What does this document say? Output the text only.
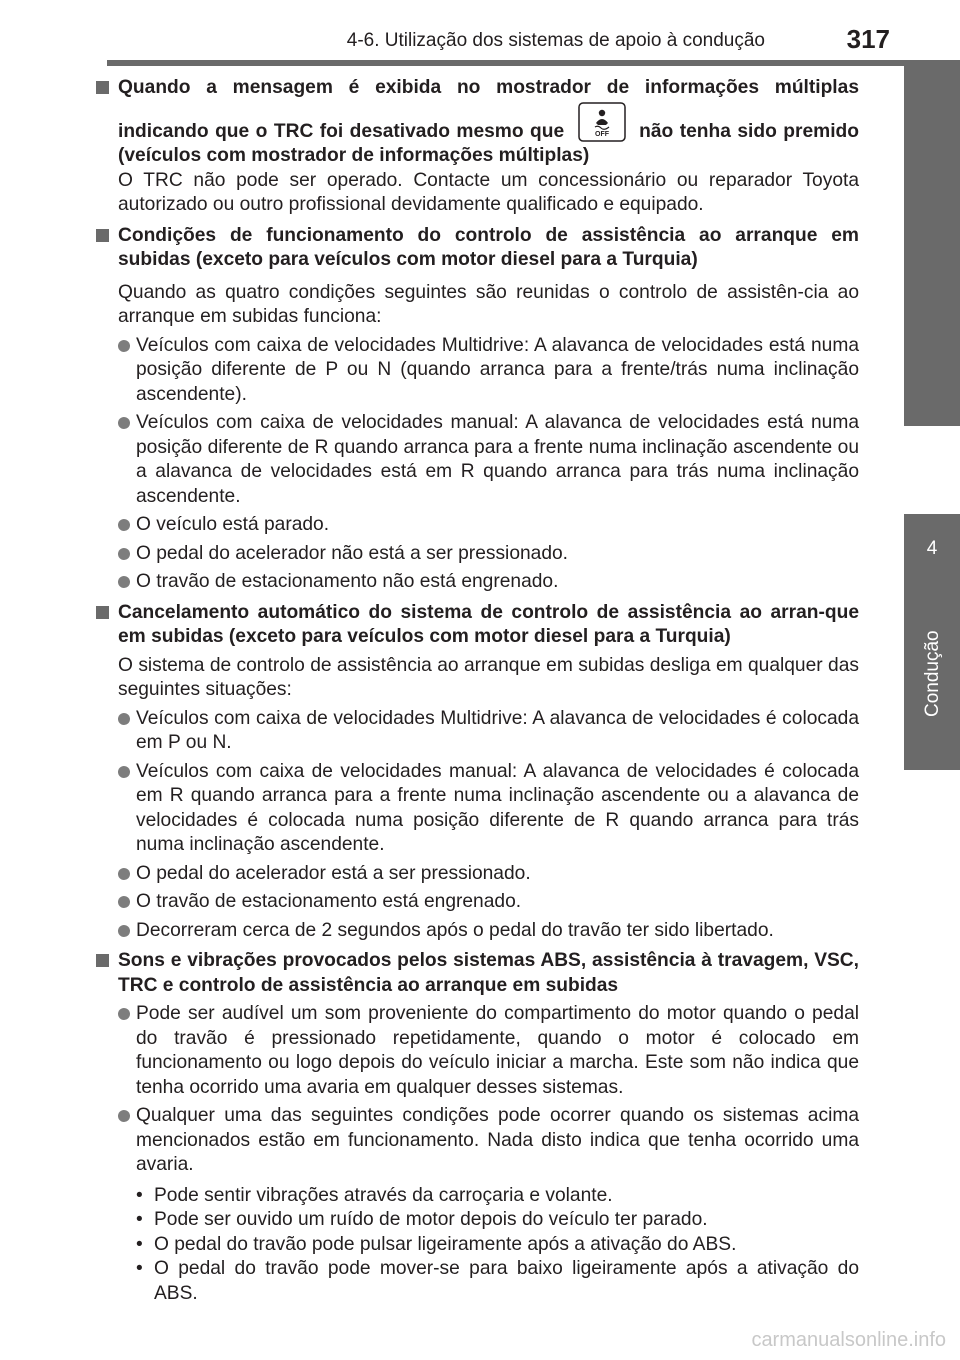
4-6. Utilização dos sistemas de apoio à condução	317
4
Condução
Quando a mensagem é exibida no mostrador de informações múltiplas indicando que o TRC foi desativado mesmo que	OFF não tenha sido premido (veículos com mostrador de informações múltiplas)
O TRC não pode ser operado. Contacte um concessionário ou reparador Toyota autorizado ou outro profissional devidamente qualificado e equipado.
Condições de funcionamento do controlo de assistência ao arranque em subidas (exceto para veículos com motor diesel para a Turquia)
Quando as quatro condições seguintes são reunidas o controlo de assistên-cia ao arranque em subidas funciona:
Veículos com caixa de velocidades Multidrive: A alavanca de velocidades está numa posição diferente de P ou N (quando arranca para a frente/trás numa inclinação ascendente).
Veículos com caixa de velocidades manual: A alavanca de velocidades está numa posição diferente de R quando arranca para a frente numa inclinação ascendente ou a alavanca de velocidades está em R quando arranca para trás numa inclinação ascendente.
O veículo está parado.
O pedal do acelerador não está a ser pressionado.
O travão de estacionamento não está engrenado.
Cancelamento automático do sistema de controlo de assistência ao arran-que em subidas (exceto para veículos com motor diesel para a Turquia)
O sistema de controlo de assistência ao arranque em subidas desliga em qualquer das seguintes situações:
Veículos com caixa de velocidades Multidrive: A alavanca de velocidades é colocada em P ou N.
Veículos com caixa de velocidades manual: A alavanca de velocidades é colocada em R quando arranca para a frente numa inclinação ascendente ou a alavanca de velocidades é colocada numa posição diferente de R quando arranca para trás numa inclinação ascendente.
O pedal do acelerador está a ser pressionado.
O travão de estacionamento está engrenado.
Decorreram cerca de 2 segundos após o pedal do travão ter sido libertado.
Sons e vibrações provocados pelos sistemas ABS, assistência à travagem, VSC, TRC e controlo de assistência ao arranque em subidas
Pode ser audível um som proveniente do compartimento do motor quando o pedal do travão é pressionado repetidamente, quando o motor é colocado em funcionamento ou logo depois do veículo iniciar a marcha. Este som não indica que tenha ocorrido uma avaria em qualquer desses sistemas.
Qualquer uma das seguintes condições pode ocorrer quando os sistemas acima mencionados estão em funcionamento. Nada disto indica que tenha ocorrido uma avaria.
• Pode sentir vibrações através da carroçaria e volante.
• Pode ser ouvido um ruído de motor depois do veículo ter parado.
• O pedal do travão pode pulsar ligeiramente após a ativação do ABS.
• O pedal do travão pode mover-se para baixo ligeiramente após a ativação do ABS.
carmanualsonline.info
